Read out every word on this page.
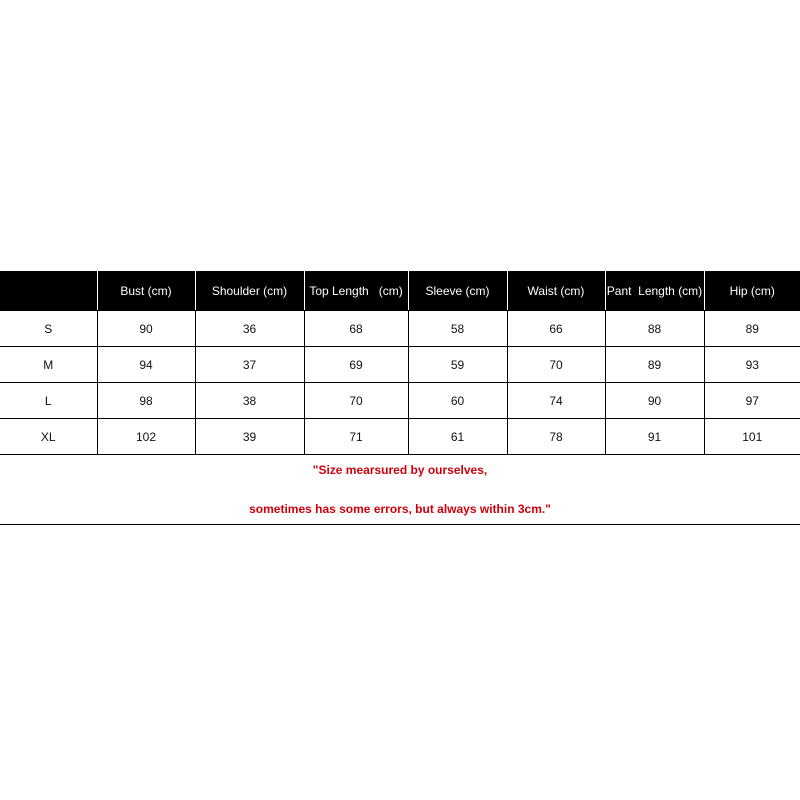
	Bust (cm)	Shoulder (cm)	Top Length   (cm)	Sleeve (cm)	Waist (cm)	Pant  Length (cm)	Hip (cm)
S	90	36	68	58	66	88	89
M	94	37	69	59	70	89	93
L	98	38	70	60	74	90	97
XL	102	39	71	61	78	91	101
"Size mearsured by ourselves,
sometimes has some errors, but always within 3cm."
